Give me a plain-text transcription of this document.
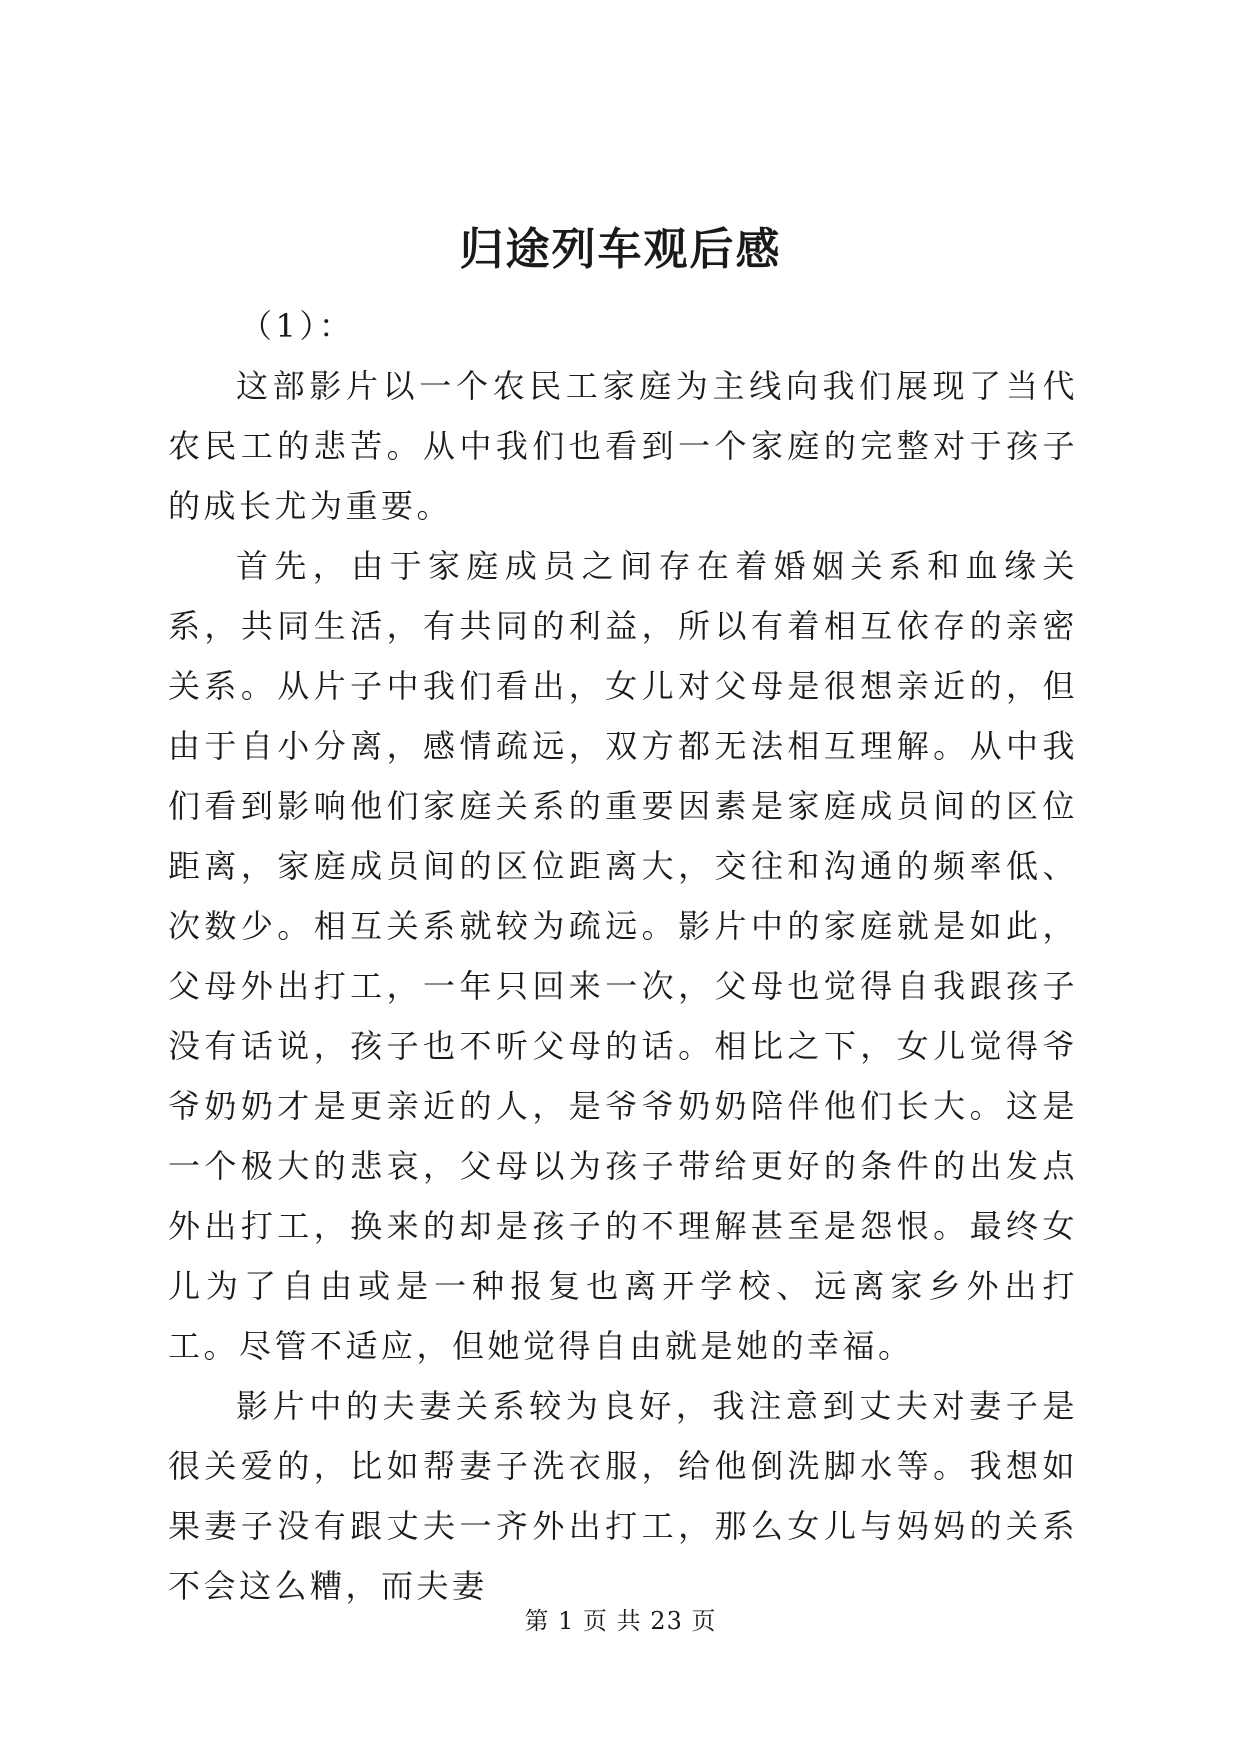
归途列车观后感

（1）：

这部影片以一个农民工家庭为主线向我们展现了当代农民工的悲苦。从中我们也看到一个家庭的完整对于孩子的成长尤为重要。

首先，由于家庭成员之间存在着婚姻关系和血缘关系，共同生活，有共同的利益，所以有着相互依存的亲密关系。从片子中我们看出，女儿对父母是很想亲近的，但由于自小分离，感情疏远，双方都无法相互理解。从中我们看到影响他们家庭关系的重要因素是家庭成员间的区位距离，家庭成员间的区位距离大，交往和沟通的频率低、次数少。相互关系就较为疏远。影片中的家庭就是如此，父母外出打工，一年只回来一次，父母也觉得自我跟孩子没有话说，孩子也不听父母的话。相比之下，女儿觉得爷爷奶奶才是更亲近的人，是爷爷奶奶陪伴他们长大。这是一个极大的悲哀，父母以为孩子带给更好的条件的出发点外出打工，换来的却是孩子的不理解甚至是怨恨。最终女儿为了自由或是一种报复也离开学校、远离家乡外出打工。尽管不适应，但她觉得自由就是她的幸福。

影片中的夫妻关系较为良好，我注意到丈夫对妻子是很关爱的，比如帮妻子洗衣服，给他倒洗脚水等。我想如果妻子没有跟丈夫一齐外出打工，那么女儿与妈妈的关系不会这么糟，而夫妻

第 1 页 共 23 页
